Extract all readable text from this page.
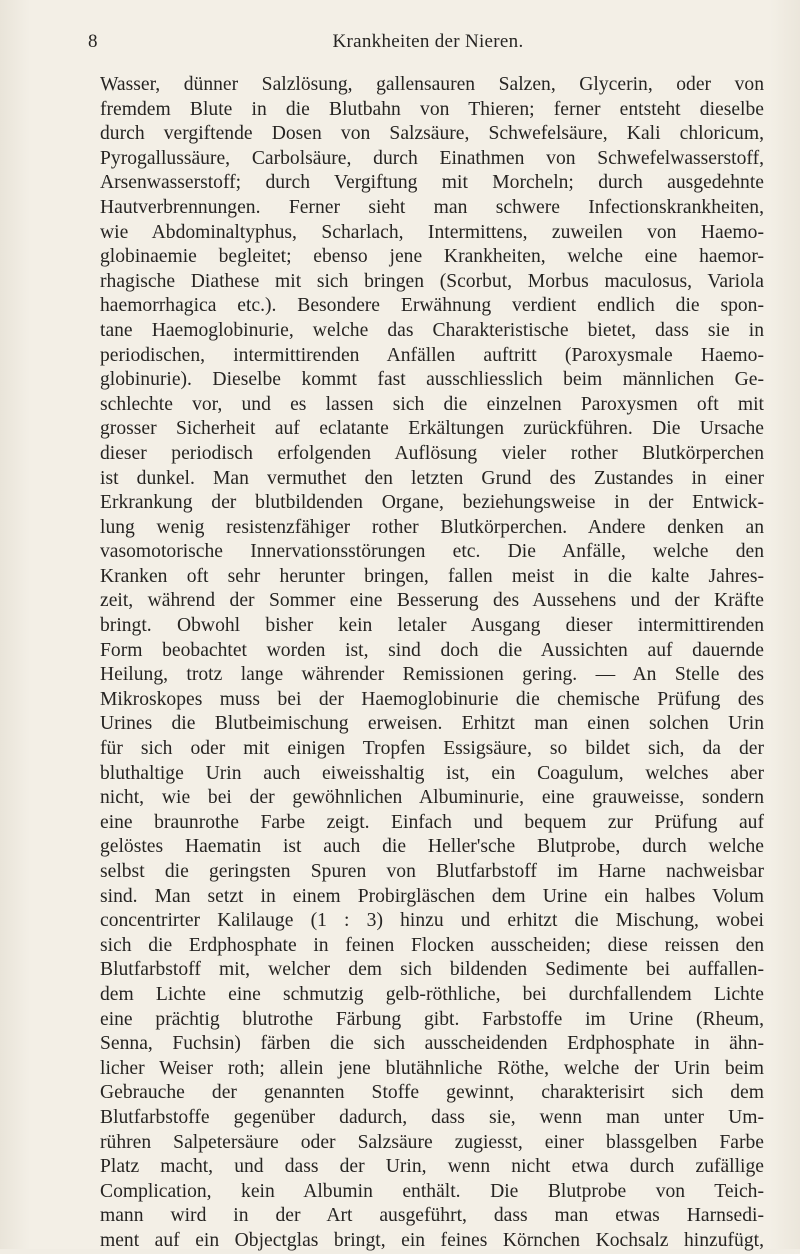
8	Krankheiten der Nieren.
Wasser, dünner Salzlösung, gallensauren Salzen, Glycerin, oder von
fremdem Blute in die Blutbahn von Thieren; ferner entsteht dieselbe
durch vergiftende Dosen von Salzsäure, Schwefelsäure, Kali chloricum,
Pyrogallussäure, Carbolsäure, durch Einathmen von Schwefelwasserstoff,
Arsenwasserstoff; durch Vergiftung mit Morcheln; durch ausgedehnte
Hautverbrennungen. Ferner sieht man schwere Infectionskrankheiten,
wie Abdominaltyphus, Scharlach, Intermittens, zuweilen von Haemo-
globinaemie begleitet; ebenso jene Krankheiten, welche eine haemor-
rhagische Diathese mit sich bringen (Scorbut, Morbus maculosus, Variola
haemorrhagica etc.). Besondere Erwähnung verdient endlich die spon-
tane Haemoglobinurie, welche das Charakteristische bietet, dass sie in
periodischen, intermittirenden Anfällen auftritt (Paroxysmale Haemo-
globinurie). Dieselbe kommt fast ausschliesslich beim männlichen Ge-
schlechte vor, und es lassen sich die einzelnen Paroxysmen oft mit
grosser Sicherheit auf eclatante Erkältungen zurückführen. Die Ursache
dieser periodisch erfolgenden Auflösung vieler rother Blutkörperchen
ist dunkel. Man vermuthet den letzten Grund des Zustandes in einer
Erkrankung der blutbildenden Organe, beziehungsweise in der Entwick-
lung wenig resistenzfähiger rother Blutkörperchen. Andere denken an
vasomotorische Innervationsstörungen etc. Die Anfälle, welche den
Kranken oft sehr herunter bringen, fallen meist in die kalte Jahres-
zeit, während der Sommer eine Besserung des Aussehens und der Kräfte
bringt. Obwohl bisher kein letaler Ausgang dieser intermittirenden
Form beobachtet worden ist, sind doch die Aussichten auf dauernde
Heilung, trotz lange währender Remissionen gering. — An Stelle des
Mikroskopes muss bei der Haemoglobinurie die chemische Prüfung des
Urines die Blutbeimischung erweisen. Erhitzt man einen solchen Urin
für sich oder mit einigen Tropfen Essigsäure, so bildet sich, da der
bluthaltige Urin auch eiweisshaltig ist, ein Coagulum, welches aber
nicht, wie bei der gewöhnlichen Albuminurie, eine grauweisse, sondern
eine braunrothe Farbe zeigt. Einfach und bequem zur Prüfung auf
gelöstes Haematin ist auch die Heller'sche Blutprobe, durch welche
selbst die geringsten Spuren von Blutfarbstoff im Harne nachweisbar
sind. Man setzt in einem Probirgläschen dem Urine ein halbes Volum
concentrirter Kalilauge (1 : 3) hinzu und erhitzt die Mischung, wobei
sich die Erdphosphate in feinen Flocken ausscheiden; diese reissen den
Blutfarbstoff mit, welcher dem sich bildenden Sedimente bei auffallen-
dem Lichte eine schmutzig gelb-röthliche, bei durchfallendem Lichte
eine prächtig blutrothe Färbung gibt. Farbstoffe im Urine (Rheum,
Senna, Fuchsin) färben die sich ausscheidenden Erdphosphate in ähn-
licher Weiser roth; allein jene blutähnliche Röthe, welche der Urin beim
Gebrauche der genannten Stoffe gewinnt, charakterisirt sich dem
Blutfarbstoffe gegenüber dadurch, dass sie, wenn man unter Um-
rühren Salpetersäure oder Salzsäure zugiesst, einer blassgelben Farbe
Platz macht, und dass der Urin, wenn nicht etwa durch zufällige
Complication, kein Albumin enthält. Die Blutprobe von Teich-
mann wird in der Art ausgeführt, dass man etwas Harnsedi-
ment auf ein Objectglas bringt, ein feines Körnchen Kochsalz hinzufügt,
